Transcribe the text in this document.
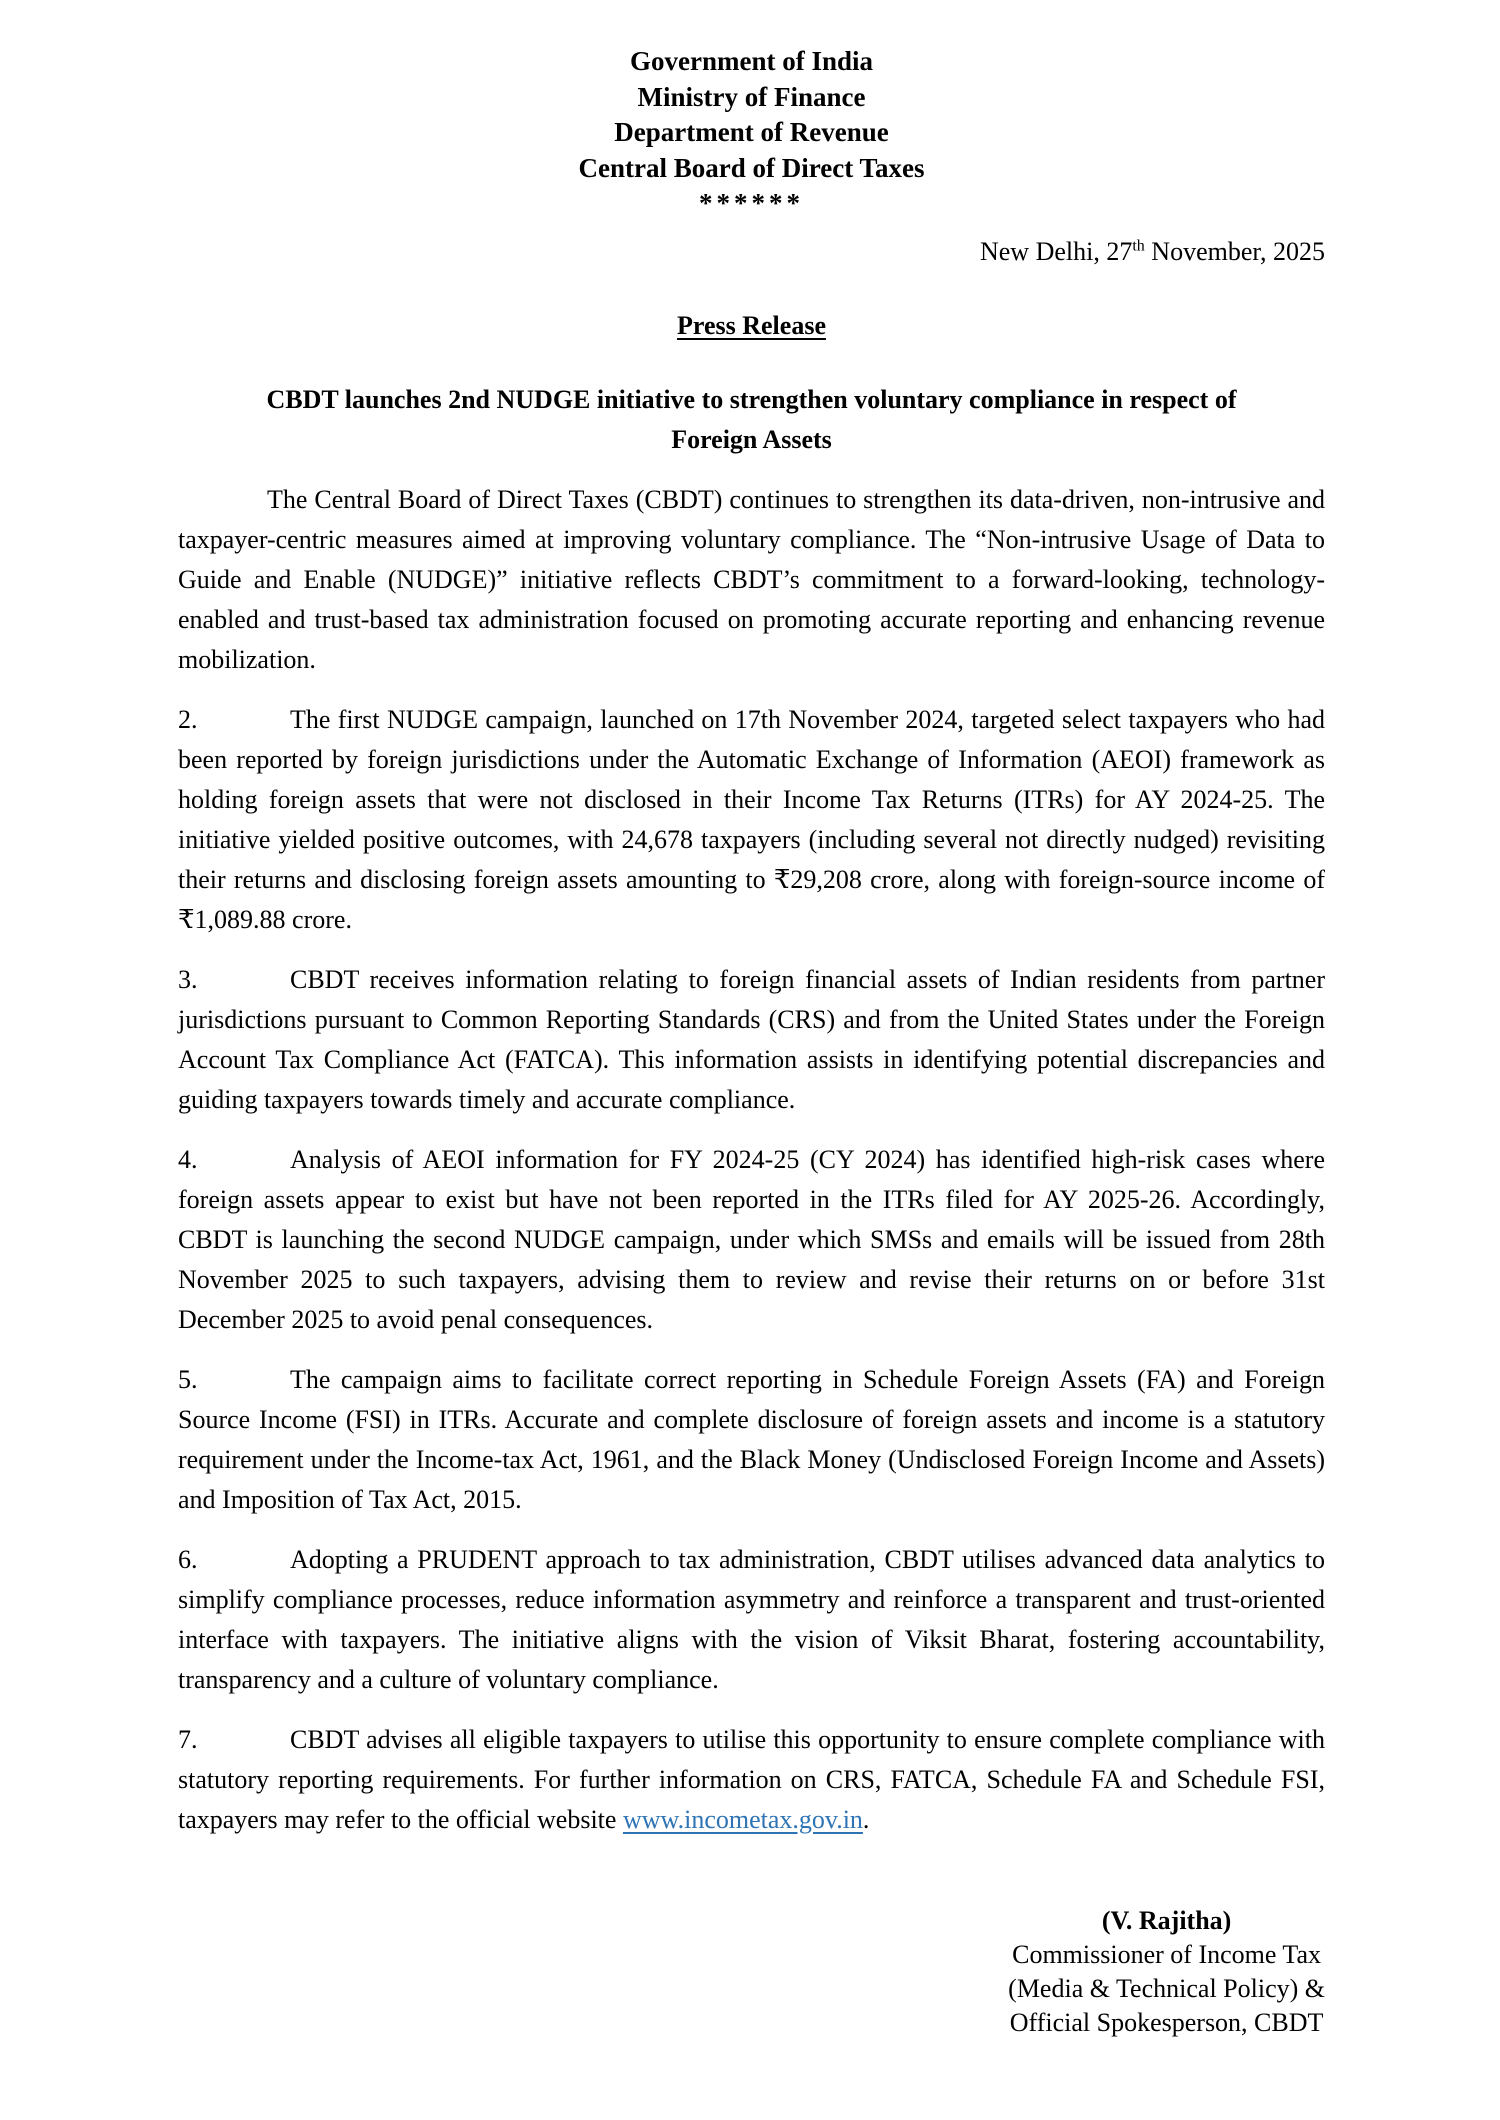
Government of India
Ministry of Finance
Department of Revenue
Central Board of Direct Taxes
******
New Delhi, 27th November, 2025
Press Release
CBDT launches 2nd NUDGE initiative to strengthen voluntary compliance in respect of
Foreign Assets

The Central Board of Direct Taxes (CBDT) continues to strengthen its data-driven, non-intrusive and taxpayer-centric measures aimed at improving voluntary compliance. The “Non-intrusive Usage of Data to Guide and Enable (NUDGE)” initiative reflects CBDT’s commitment to a forward-looking, technology-enabled and trust-based tax administration focused on promoting accurate reporting and enhancing revenue mobilization.

2.	The first NUDGE campaign, launched on 17th November 2024, targeted select taxpayers who had been reported by foreign jurisdictions under the Automatic Exchange of Information (AEOI) framework as holding foreign assets that were not disclosed in their Income Tax Returns (ITRs) for AY 2024-25. The initiative yielded positive outcomes, with 24,678 taxpayers (including several not directly nudged) revisiting their returns and disclosing foreign assets amounting to ₹29,208 crore, along with foreign-source income of ₹1,089.88 crore.

3.	CBDT receives information relating to foreign financial assets of Indian residents from partner jurisdictions pursuant to Common Reporting Standards (CRS) and from the United States under the Foreign Account Tax Compliance Act (FATCA). This information assists in identifying potential discrepancies and guiding taxpayers towards timely and accurate compliance.

4.	Analysis of AEOI information for FY 2024-25 (CY 2024) has identified high-risk cases where foreign assets appear to exist but have not been reported in the ITRs filed for AY 2025-26. Accordingly, CBDT is launching the second NUDGE campaign, under which SMSs and emails will be issued from 28th November 2025 to such taxpayers, advising them to review and revise their returns on or before 31st December 2025 to avoid penal consequences.

5.	The campaign aims to facilitate correct reporting in Schedule Foreign Assets (FA) and Foreign Source Income (FSI) in ITRs. Accurate and complete disclosure of foreign assets and income is a statutory requirement under the Income-tax Act, 1961, and the Black Money (Undisclosed Foreign Income and Assets) and Imposition of Tax Act, 2015.

6.	Adopting a PRUDENT approach to tax administration, CBDT utilises advanced data analytics to simplify compliance processes, reduce information asymmetry and reinforce a transparent and trust-oriented interface with taxpayers. The initiative aligns with the vision of Viksit Bharat, fostering accountability, transparency and a culture of voluntary compliance.

7.	CBDT advises all eligible taxpayers to utilise this opportunity to ensure complete compliance with statutory reporting requirements. For further information on CRS, FATCA, Schedule FA and Schedule FSI, taxpayers may refer to the official website www.incometax.gov.in.

(V. Rajitha)
Commissioner of Income Tax
(Media & Technical Policy) &
Official Spokesperson, CBDT
